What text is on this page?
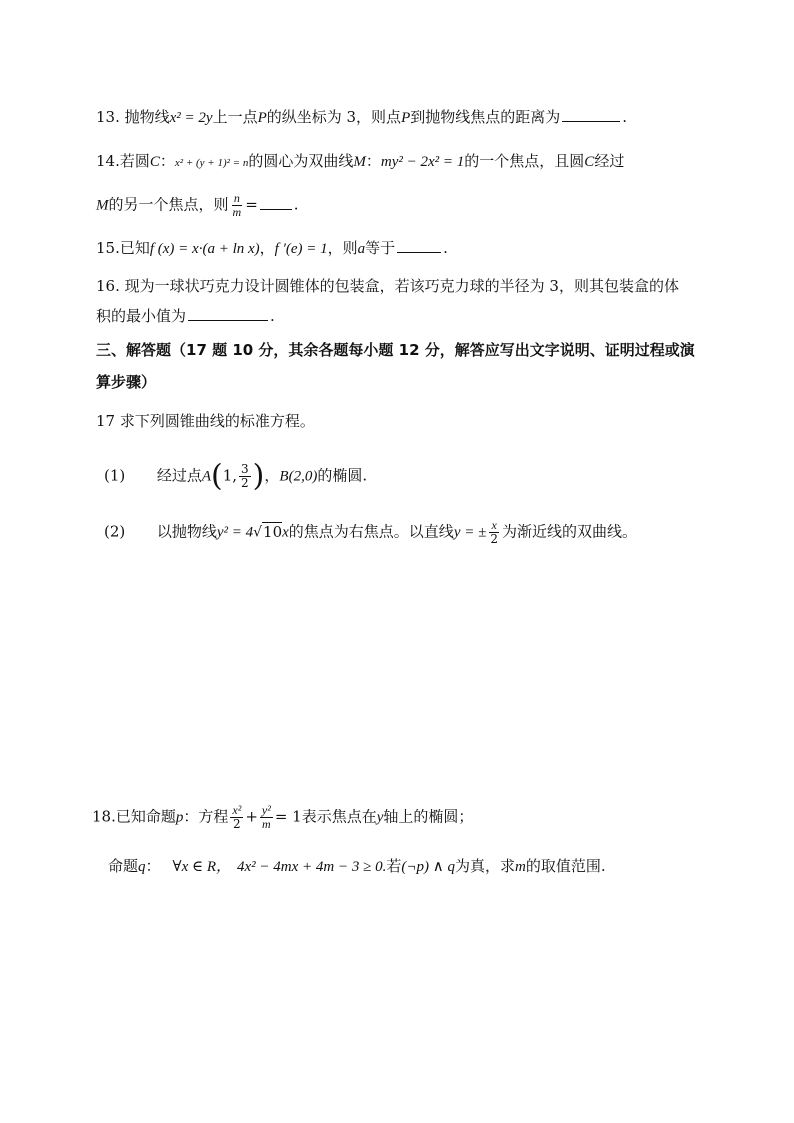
13. 抛物线x² = 2y上一点P的纵坐标为 3，则点P到抛物线焦点的距离为	.
14.若圆C：x² + (y + 1)² = n的圆心为双曲线M：my² − 2x² = 1的一个焦点，且圆C经过
M的另一个焦点，则 $\frac{n}{m}$ = .
15.已知f (x) = x·(a + ln x)，f ′(e) = 1，则a等于	.
16. 现为一球状巧克力设计圆锥体的包装盒，若该巧克力球的半径为 3，则其包装盒的体
积的最小值为	.
三、解答题（17 题 10 分，其余各题每小题 12 分，解答应写出文字说明、证明过程或演
算步骤）
17 求下列圆锥曲线的标准方程。
(1) 经过点A(1, $\frac{3}{2}$ )，B(2,0)的椭圆.
(2) 以抛物线y² = 4√10x的焦点为右焦点。以直线y = ± $\frac{x}{2}$ 为渐近线的双曲线。
18.已知命题p：方程 $\frac{\text{x²}}{2} + \frac{\text{y²}}{m} = 1$表示焦点在y轴上的椭圆；
命题q： ∀x ∈ R， 4x² − 4mx + 4m − 3 ≥ 0.若(¬p) ∧ q为真，求m的取值范围.
